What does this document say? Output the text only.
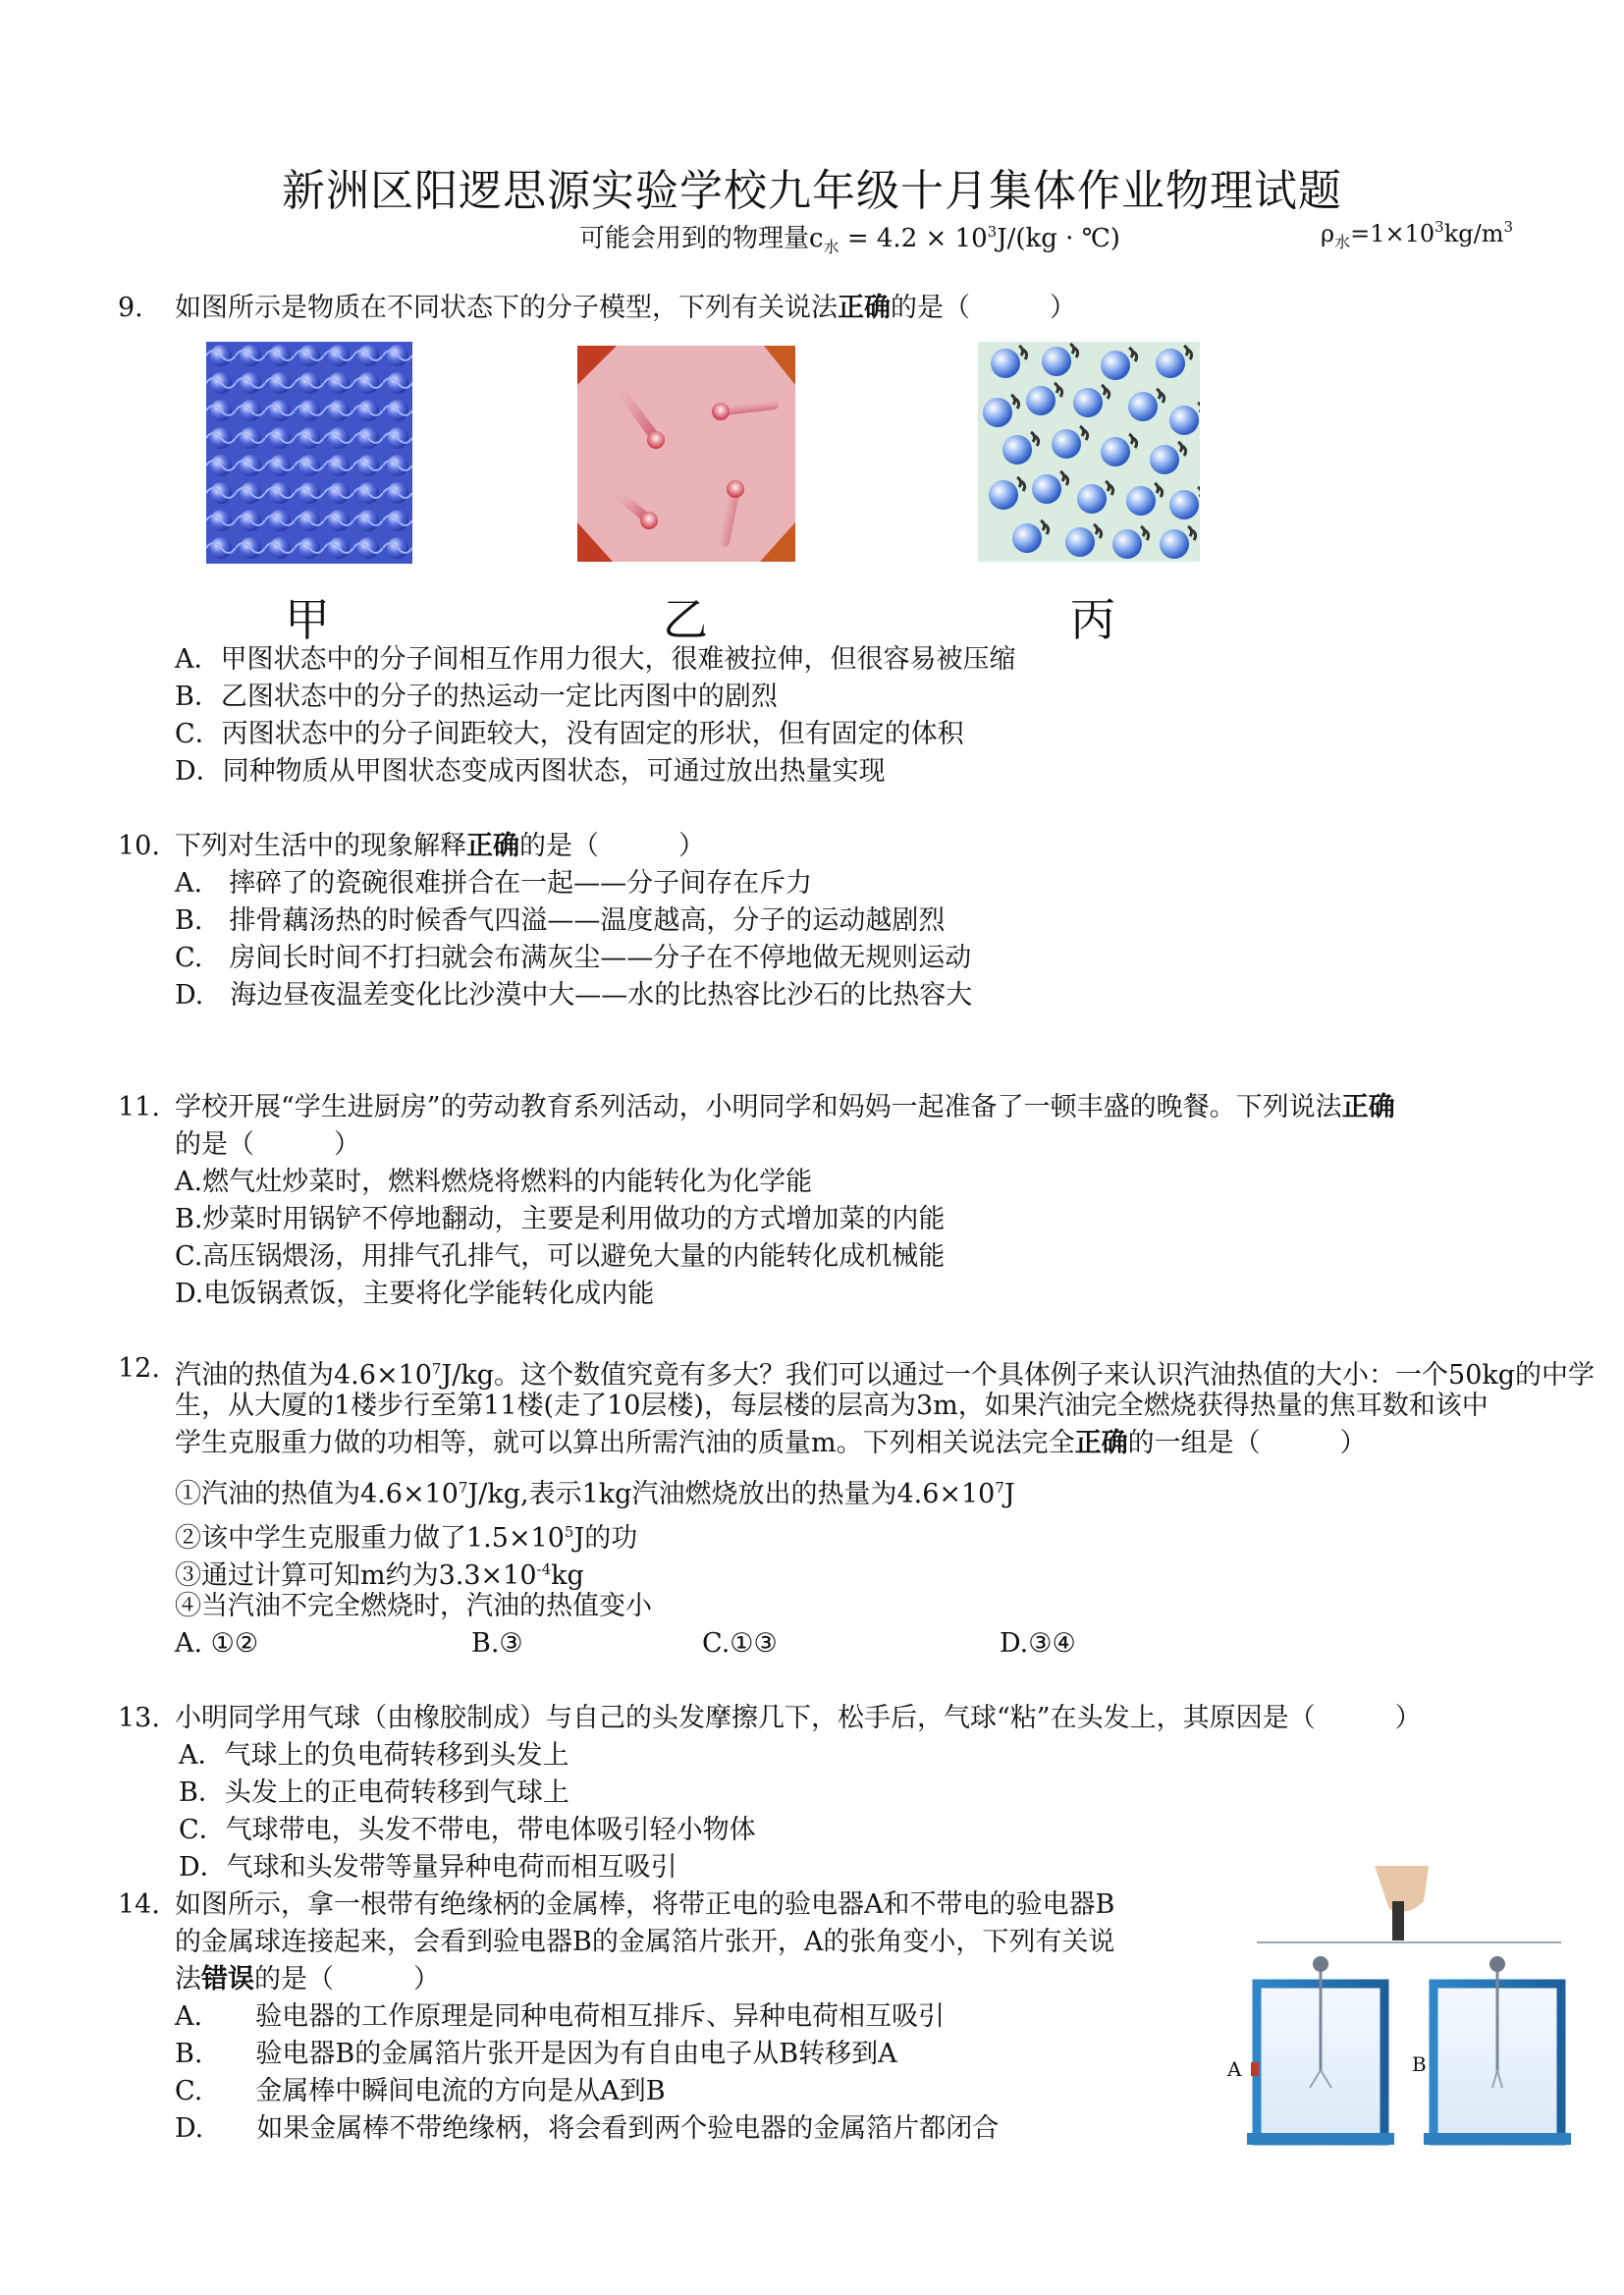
新洲区阳逻思源实验学校九年级十月集体作业物理试题
可能会用到的物理量$c_水 = 4.2 \times 10^3J/(kg$ · ℃)	$\rho_水=1\times 10^3kg/m^3$
9. 如图所示是物质在不同状态下的分子模型，下列有关说法正确的是（　　　）
甲	乙	丙
A．甲图状态中的分子间相互作用力很大，很难被拉伸，但很容易被压缩
B．乙图状态中的分子的热运动一定比丙图中的剧烈
C．丙图状态中的分子间距较大，没有固定的形状，但有固定的体积
D．同种物质从甲图状态变成丙图状态，可通过放出热量实现
10. 下列对生活中的现象解释正确的是（　　　）
A.　摔碎了的瓷碗很难拼合在一起——分子间存在斥力
B.　排骨藕汤热的时候香气四溢——温度越高，分子的运动越剧烈
C.　房间长时间不打扫就会布满灰尘——分子在不停地做无规则运动
D.　海边昼夜温差变化比沙漠中大——水的比热容比沙石的比热容大
11. 学校开展“学生进厨房”的劳动教育系列活动，小明同学和妈妈一起准备了一顿丰盛的晚餐。下列说法正确
的是（　　　）
A.燃气灶炒菜时，燃料燃烧将燃料的内能转化为化学能
B.炒菜时用锅铲不停地翻动，主要是利用做功的方式增加菜的内能
C.高压锅煨汤，用排气孔排气，可以避免大量的内能转化成机械能
D.电饭锅煮饭，主要将化学能转化成内能
12. 汽油的热值为$4.6\times 10^7J/kg$。这个数值究竟有多大？我们可以通过一个具体例子来认识汽油热值的大小：一个50kg的中学
生，从大厦的1楼步行至第11楼(走了10层楼)，每层楼的层高为3m，如果汽油完全燃烧获得热量的焦耳数和该中
学生克服重力做的功相等，就可以算出所需汽油的质量m。下列相关说法完全正确的一组是（　　　）
①汽油的热值为$4.6\times 10^7J/kg$,表示1kg汽油燃烧放出的热量为$4.6\times 10^7J$
②该中学生克服重力做了$1.5\times 10^5J$的功
③通过计算可知m约为$3.3\times 10^{-4}kg$
④当汽油不完全燃烧时，汽油的热值变小
A. ①②	B.③	C.①③	D.③④
13. 小明同学用气球（由橡胶制成）与自己的头发摩擦几下，松手后，气球“粘”在头发上，其原因是（　　　）
A．气球上的负电荷转移到头发上
B．头发上的正电荷转移到气球上
C．气球带电，头发不带电，带电体吸引轻小物体
D．气球和头发带等量异种电荷而相互吸引
14. 如图所示，拿一根带有绝缘柄的金属棒，将带正电的验电器A和不带电的验电器B
的金属球连接起来，会看到验电器B的金属箔片张开，A的张角变小，下列有关说
法错误的是（　　　）
A.　　验电器的工作原理是同种电荷相互排斥、异种电荷相互吸引
B.　　验电器B的金属箔片张开是因为有自由电子从B转移到A
C.　　金属棒中瞬间电流的方向是从A到B
D.　　如果金属棒不带绝缘柄，将会看到两个验电器的金属箔片都闭合
A	B
